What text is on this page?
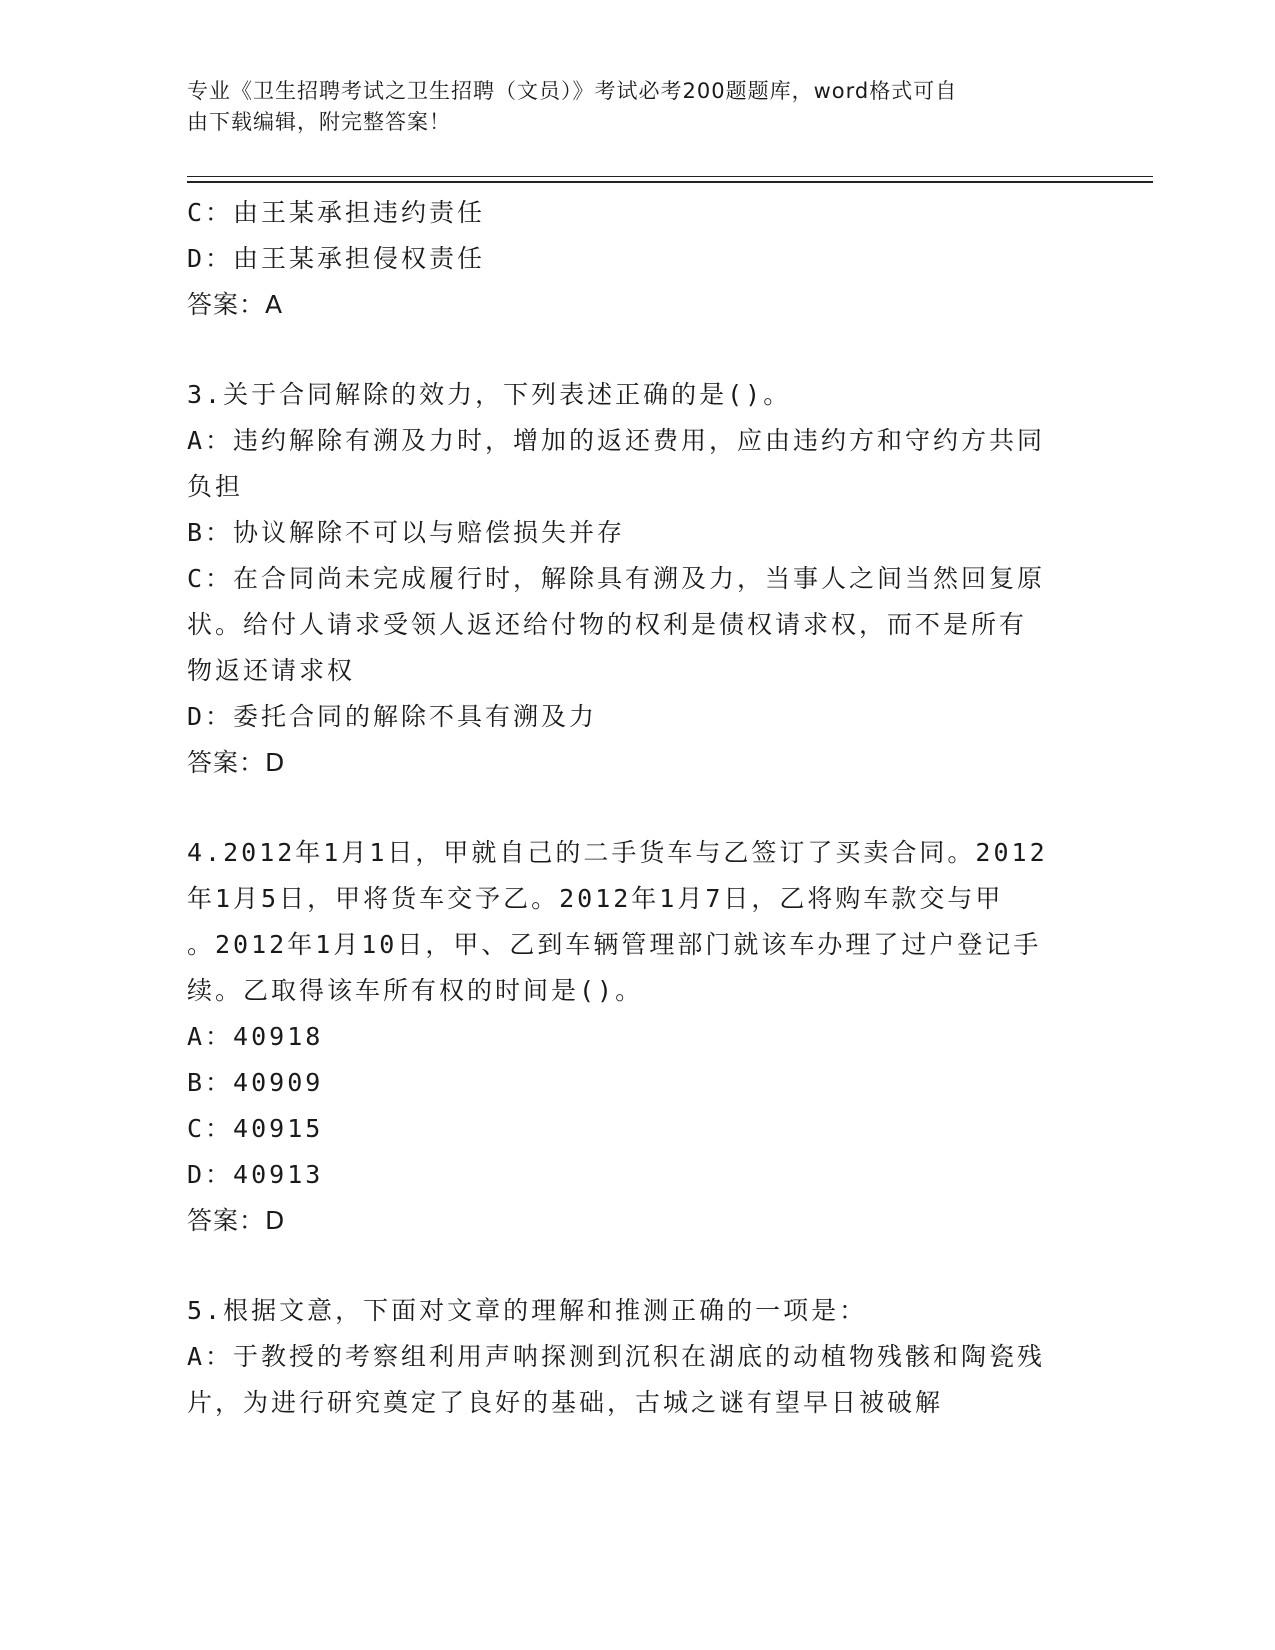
专业《卫生招聘考试之卫生招聘（文员）》考试必考200题题库，word格式可自
由下载编辑，附完整答案！
C：由王某承担违约责任
D：由王某承担侵权责任
答案：A
3.关于合同解除的效力，下列表述正确的是()。
A：违约解除有溯及力时，增加的返还费用，应由违约方和守约方共同
负担
B：协议解除不可以与赔偿损失并存
C：在合同尚未完成履行时，解除具有溯及力，当事人之间当然回复原
状。给付人请求受领人返还给付物的权利是债权请求权，而不是所有
物返还请求权
D：委托合同的解除不具有溯及力
答案：D
4.2012年1月1日，甲就自己的二手货车与乙签订了买卖合同。2012
年1月5日，甲将货车交予乙。2012年1月7日，乙将购车款交与甲
。2012年1月10日，甲、乙到车辆管理部门就该车办理了过户登记手
续。乙取得该车所有权的时间是()。
A：40918
B：40909
C：40915
D：40913
答案：D
5.根据文意，下面对文章的理解和推测正确的一项是：
A：于教授的考察组利用声呐探测到沉积在湖底的动植物残骸和陶瓷残
片，为进行研究奠定了良好的基础，古城之谜有望早日被破解
